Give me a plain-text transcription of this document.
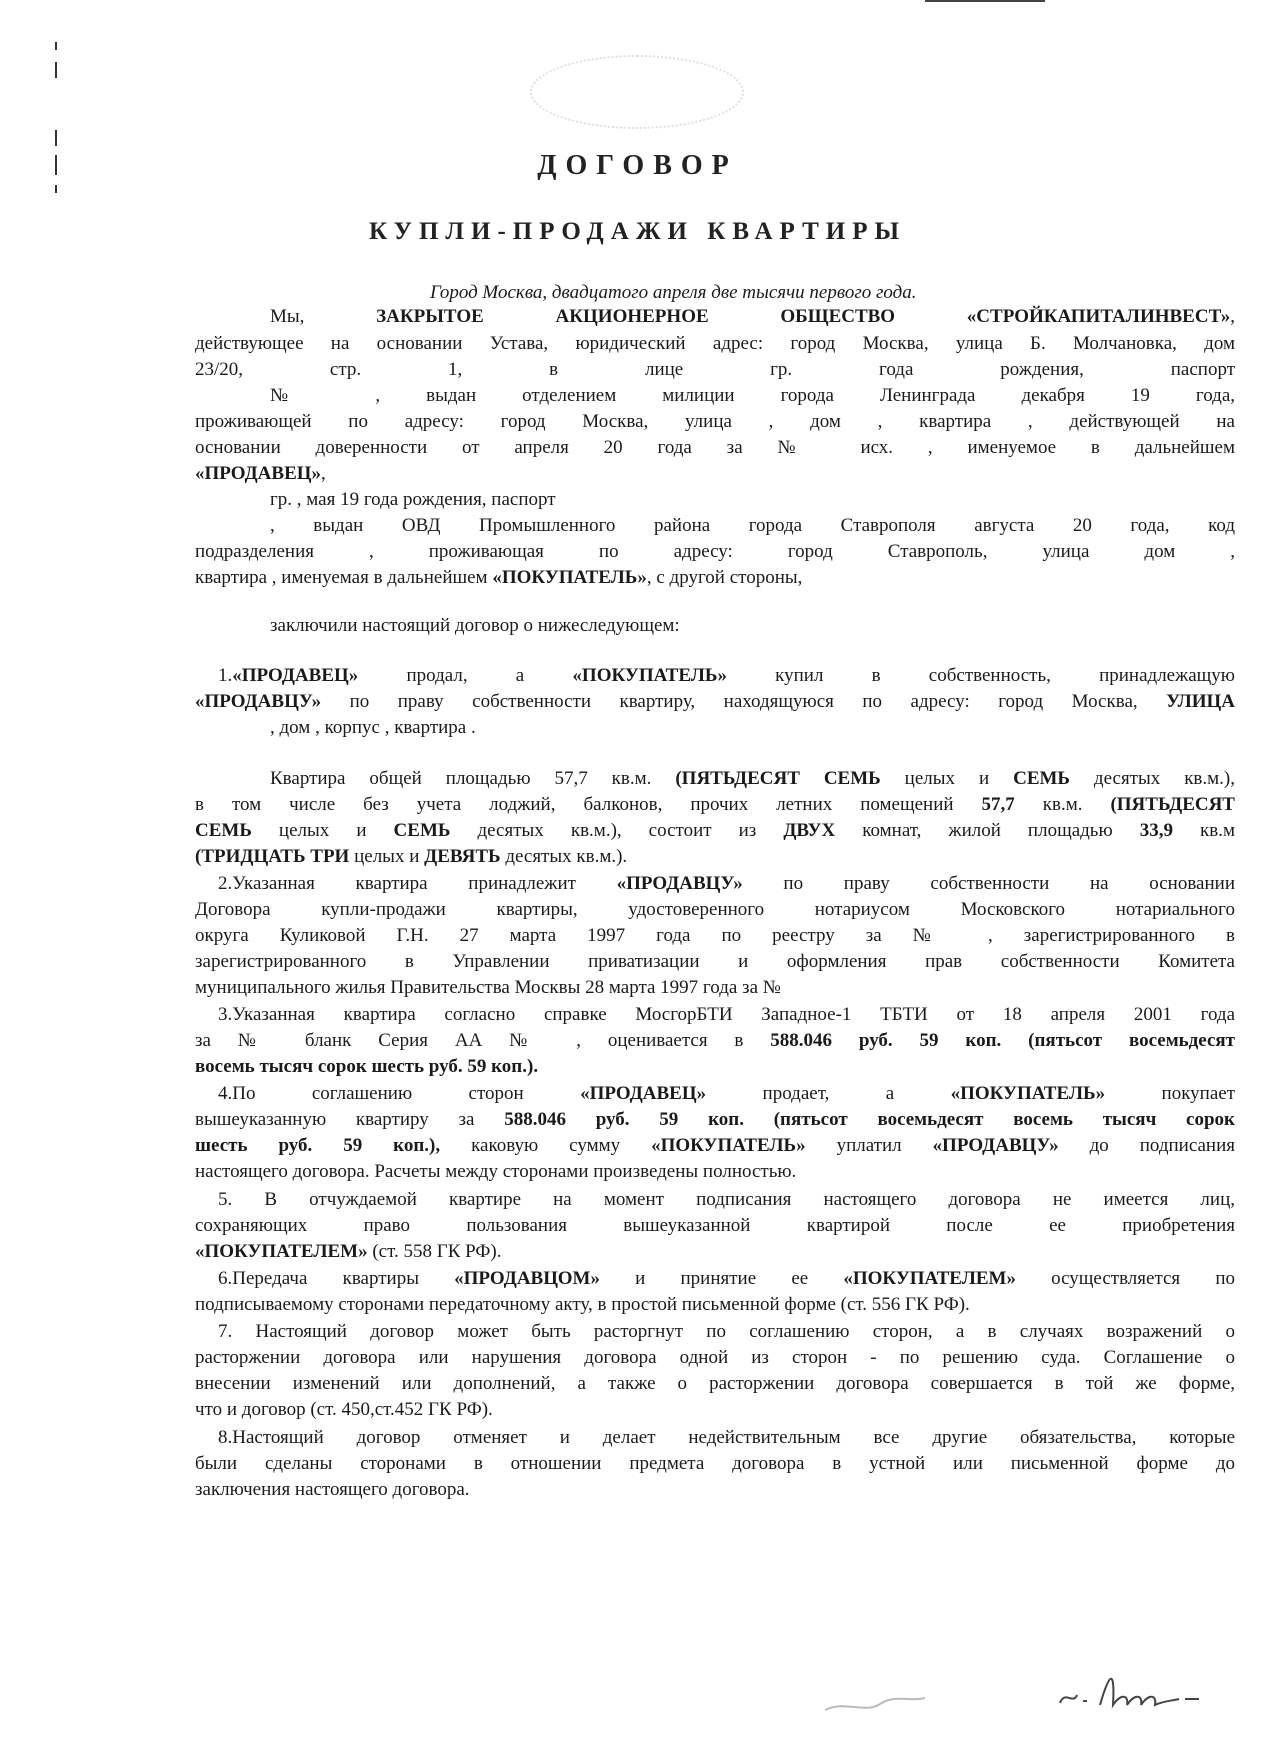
ДОГОВОР
КУПЛИ-ПРОДАЖИ КВАРТИРЫ
Город Москва, двадцатого апреля две тысячи первого года.
Мы, ЗАКРЫТОЕ АКЦИОНЕРНОЕ ОБЩЕСТВО «СТРОЙКАПИТАЛИНВЕСТ»,
действующее на основании Устава, юридический адрес: город Москва, улица Б. Молчановка, дом
23/20, стр. 1, в лице гр. года рождения, паспорт
№ , выдан отделением милиции города Ленинграда декабря 19 года,
проживающей по адресу: город Москва, улица , дом , квартира , действующей на
основании доверенности от апреля 20 года за № исх. , именуемое в дальнейшем
«ПРОДАВЕЦ»,
гр. , мая 19 года рождения, паспорт
, выдан ОВД Промышленного района города Ставрополя августа 20 года, код
подразделения , проживающая по адресу: город Ставрополь, улица дом ,
квартира , именуемая в дальнейшем «ПОКУПАТЕЛЬ», с другой стороны,
заключили настоящий договор о нижеследующем:
1.«ПРОДАВЕЦ» продал, а «ПОКУПАТЕЛЬ» купил в собственность, принадлежащую
«ПРОДАВЦУ» по праву собственности квартиру, находящуюся по адресу: город Москва, УЛИЦА
, дом , корпус , квартира .
Квартира общей площадью 57,7 кв.м. (ПЯТЬДЕСЯТ СЕМЬ целых и СЕМЬ десятых кв.м.),
в том числе без учета лоджий, балконов, прочих летних помещений 57,7 кв.м. (ПЯТЬДЕСЯТ
СЕМЬ целых и СЕМЬ десятых кв.м.), состоит из ДВУХ комнат, жилой площадью 33,9 кв.м
(ТРИДЦАТЬ ТРИ целых и ДЕВЯТЬ десятых кв.м.).
2.Указанная квартира принадлежит «ПРОДАВЦУ» по праву собственности на основании
Договора купли-продажи квартиры, удостоверенного нотариусом Московского нотариального
округа Куликовой Г.Н. 27 марта 1997 года по реестру за № , зарегистрированного в
зарегистрированного в Управлении приватизации и оформления прав собственности Комитета
муниципального жилья Правительства Москвы 28 марта 1997 года за №
3.Указанная квартира согласно справке МосгорБТИ Западное-1 ТБТИ от 18 апреля 2001 года
за № бланк Серия АА № , оценивается в 588.046 руб. 59 коп. (пятьсот восемьдесят
восемь тысяч сорок шесть руб. 59 коп.).
4.По соглашению сторон «ПРОДАВЕЦ» продает, а «ПОКУПАТЕЛЬ» покупает
вышеуказанную квартиру за 588.046 руб. 59 коп. (пятьсот восемьдесят восемь тысяч сорок
шесть руб. 59 коп.), каковую сумму «ПОКУПАТЕЛЬ» уплатил «ПРОДАВЦУ» до подписания
настоящего договора. Расчеты между сторонами произведены полностью.
5. В отчуждаемой квартире на момент подписания настоящего договора не имеется лиц,
сохраняющих право пользования вышеуказанной квартирой после ее приобретения
«ПОКУПАТЕЛЕМ» (ст. 558 ГК РФ).
6.Передача квартиры «ПРОДАВЦОМ» и принятие ее «ПОКУПАТЕЛЕМ» осуществляется по
подписываемому сторонами передаточному акту, в простой письменной форме (ст. 556 ГК РФ).
7. Настоящий договор может быть расторгнут по соглашению сторон, а в случаях возражений о
расторжении договора или нарушения договора одной из сторон - по решению суда. Соглашение о
внесении изменений или дополнений, а также о расторжении договора совершается в той же форме,
что и договор (ст. 450,ст.452 ГК РФ).
8.Настоящий договор отменяет и делает недействительным все другие обязательства, которые
были сделаны сторонами в отношении предмета договора в устной или письменной форме до
заключения настоящего договора.
